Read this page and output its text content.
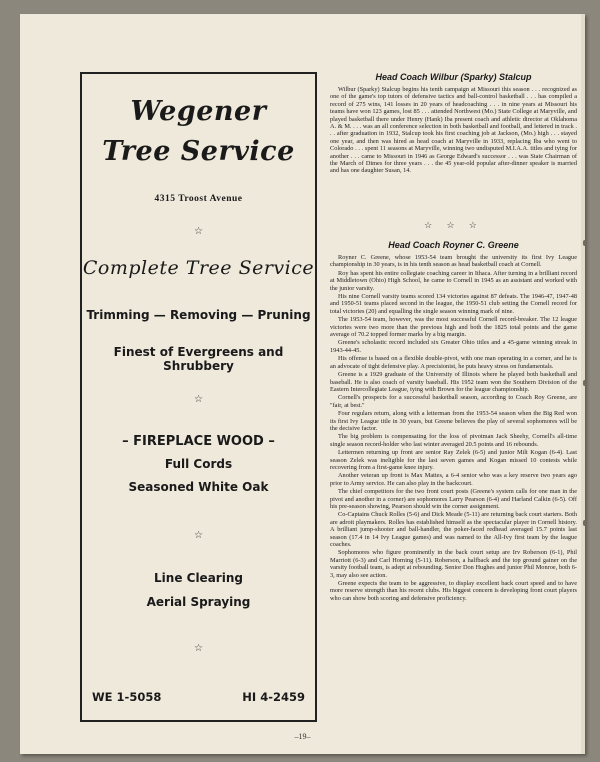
Wegener
Tree Service
4315 Troost Avenue
☆
Complete Tree Service
Trimming — Removing — Pruning
Finest of Evergreens and Shrubbery
☆
– FIREPLACE WOOD –
Full Cords
Seasoned White Oak
☆
Line Clearing
Aerial Spraying
☆
WE 1-5058	HI 4-2459
Head Coach Wilbur (Sparky) Stalcup

Wilbur (Sparky) Stalcup begins his tenth campaign at Missouri this season . . . recognized as one of the game's top tutors of defensive tactics and ball-control basketball . . . has compiled a record of 275 wins, 141 losses in 20 years of headcoaching . . . in nine years at Missouri his teams have won 123 games, lost 85 . . . attended Northwest (Mo.) State College at Maryville, and played basketball there under Henry (Hank) Iba present coach and athletic director at Oklahoma A. & M. . . . was an all conference selection in both basketball and football, and lettered in track . . . after graduation in 1932, Stalcup took his first coaching job at Jackson, (Mo.) high . . . stayed one year, and then was hired as head coach at Maryville in 1933, replacing Iba who went to Colorado . . . spent 11 seasons at Maryville, winning two undisputed M.I.A.A. titles and tying for another . . . came to Missouri in 1946 as George Edward's successor . . . was State Chairman of the March of Dimes for three years . . . the 45 year-old popular after-dinner speaker is married and has one daughter Susan, 14.

☆ ☆ ☆
Head Coach Royner C. Greene

Royner C. Greene, whose 1953-54 team brought the university its first Ivy League championship in 30 years, is in his tenth season as head basketball coach at Cornell.

Roy has spent his entire collegiate coaching career in Ithaca. After turning in a brilliant record at Middletown (Ohio) High School, he came to Cornell in 1945 as an assistant and worked with the junior varsity.

His nine Cornell varsity teams scored 134 victories against 87 defeats. The 1946-47, 1947-48 and 1950-51 teams placed second in the league, the 1950-51 club setting the Cornell record for total victories (20) and equalling the single season winning mark of nine.

The 1953-54 team, however, was the most successful Cornell record-breaker. The 12 league victories were two more than the previous high and both the 1825 total points and the game average of 70.2 topped former marks by a big margin.

Greene's scholastic record included six Greater Ohio titles and a 45-game winning streak in 1943-44-45.

His offense is based on a flexible double-pivot, with one man operating in a corner, and he is an advocate of tight defensive play. A precisionist, he puts heavy stress on fundamentals.

Greene is a 1929 graduate of the University of Illinois where he played both basketball and baseball. He is also coach of varsity baseball. His 1952 team won the Southern Division of the Eastern Intercollegiate League, tying with Brown for the league championship.

Cornell's prospects for a successful basketball season, according to Coach Roy Greene, are "fair, at best."

Four regulars return, along with a letterman from the 1953-54 season when the Big Red won its first Ivy League title in 30 years, but Greene believes the play of several sophomores will be the decisive factor.

The big problem is compensating for the loss of pivotman Jack Sheehy, Cornell's all-time single season record-holder who last winter averaged 20.5 points and 16 rebounds.

Lettermen returning up front are senior Ray Zelek (6-5) and junior Milt Kogan (6-4). Last season Zelek was ineligible for the last seven games and Kogan missed 10 contests while recovering from a first-game knee injury.

Another veteran up front is Max Mattes, a 6-4 senior who was a key reserve two years ago prior to Army service. He can also play in the backcourt.

The chief competitors for the two front court posts (Greene's system calls for one man in the pivot and another in a corner) are sophomores Larry Pearson (6-4) and Harland Calkin (6-5). Off his pre-season showing, Pearson should win the corner assignment.

Co-Captains Chuck Rolles (5-6) and Dick Meade (5-11) are returning back court starters. Both are adroit playmakers. Rolles has established himself as the spectacular player in Cornell history. A brilliant jump-shooter and ball-handler, the poker-faced redhead averaged 15.7 points last season (17.4 in 14 Ivy League games) and was named to the All-Ivy first team by the league coaches.

Sophomores who figure prominently in the back court setup are Irv Roberson (6-1), Phil Marriott (6-3) and Carl Horning (5-11). Roberson, a halfback and the top ground gainer on the varsity football team, is adept at rebounding. Senior Don Hughes and junior Phil Monroe, both 6-3, may also see action.

Greene expects the team to be aggressive, to display excellent back court speed and to have more reserve strength than his recent clubs. His biggest concern is developing front court players who can show both scoring and defensive proficiency.

–19–
